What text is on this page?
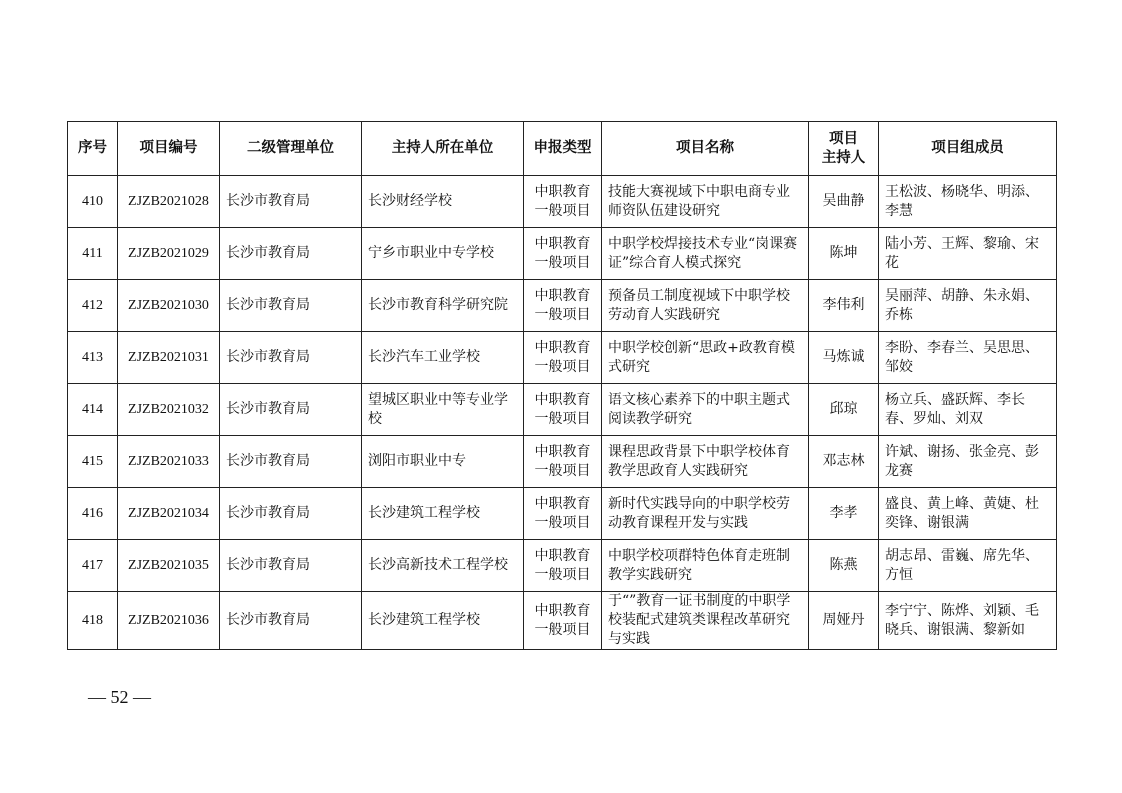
序号	项目编号	二级管理单位	主持人所在单位	申报类型	项目名称	项目
主持人	项目组成员
410	ZJZB2021028	长沙市教育局	长沙财经学校	中职教育一般项目	技能大赛视域下中职电商专业师资队伍建设研究	吴曲静	王松波、杨晓华、明添、李慧
411	ZJZB2021029	长沙市教育局	宁乡市职业中专学校	中职教育一般项目	中职学校焊接技术专业“岗课赛证”综合育人模式探究	陈坤	陆小芳、王辉、黎瑜、宋花
412	ZJZB2021030	长沙市教育局	长沙市教育科学研究院	中职教育一般项目	预备员工制度视域下中职学校劳动育人实践研究	李伟利	吴丽萍、胡静、朱永娟、乔栋
413	ZJZB2021031	长沙市教育局	长沙汽车工业学校	中职教育一般项目	中职学校创新“思政+政教育模式研究	马炼诚	李盼、李春兰、吴思思、邹姣
414	ZJZB2021032	长沙市教育局	望城区职业中等专业学校	中职教育一般项目	语文核心素养下的中职主题式阅读教学研究	邱琼	杨立兵、盛跃辉、李长春、罗灿、刘双
415	ZJZB2021033	长沙市教育局	浏阳市职业中专	中职教育一般项目	课程思政背景下中职学校体育教学思政育人实践研究	邓志林	许斌、谢扬、张金亮、彭龙赛
416	ZJZB2021034	长沙市教育局	长沙建筑工程学校	中职教育一般项目	新时代实践导向的中职学校劳动教育课程开发与实践	李孝	盛良、黄上峰、黄婕、杜奕锋、谢银满
417	ZJZB2021035	长沙市教育局	长沙高新技术工程学校	中职教育一般项目	中职学校项群特色体育走班制教学实践研究	陈燕	胡志昂、雷巍、席先华、方恒
418	ZJZB2021036	长沙市教育局	长沙建筑工程学校	中职教育一般项目	于“”教育一证书制度的中职学校装配式建筑类课程改革研究与实践	周娅丹	李宁宁、陈烨、刘颖、毛晓兵、谢银满、黎新如
— 52 —
